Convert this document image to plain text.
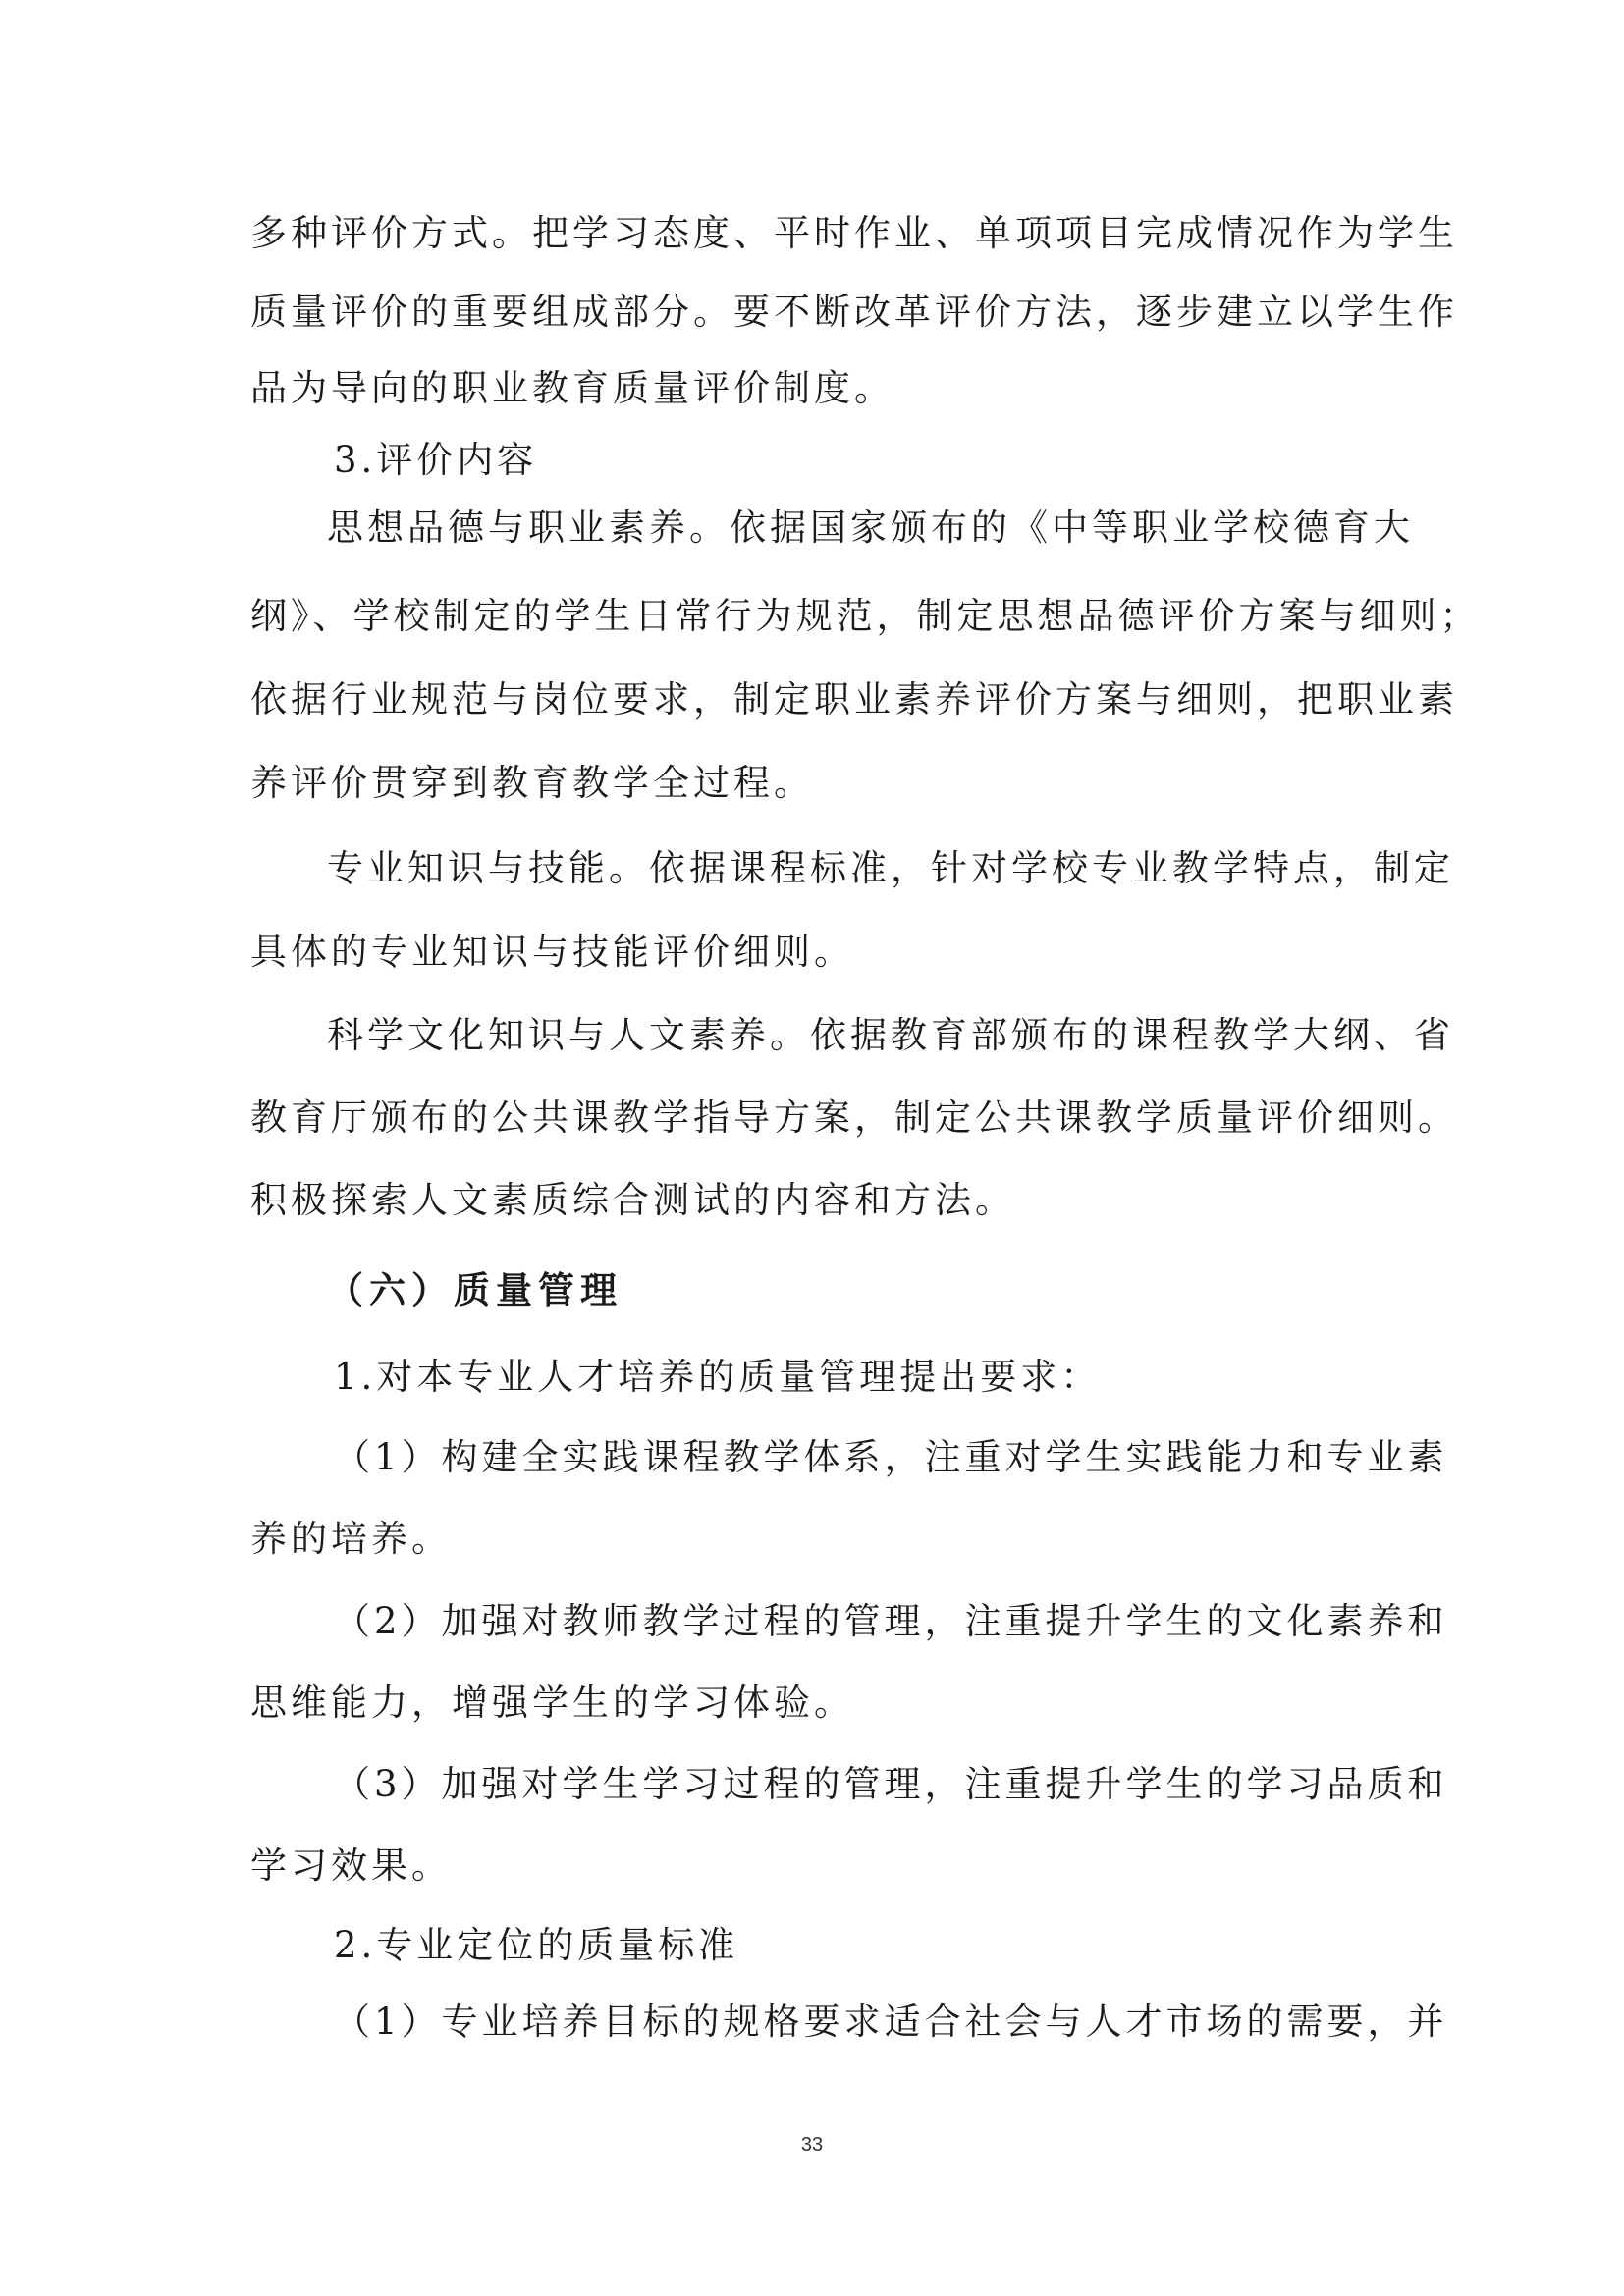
多种评价方式。把学习态度、平时作业、单项项目完成情况作为学生
质量评价的重要组成部分。要不断改革评价方法，逐步建立以学生作
品为导向的职业教育质量评价制度。
3.评价内容
思想品德与职业素养。依据国家颁布的《中等职业学校德育大
纲》、学校制定的学生日常行为规范，制定思想品德评价方案与细则；
依据行业规范与岗位要求，制定职业素养评价方案与细则，把职业素
养评价贯穿到教育教学全过程。
专业知识与技能。依据课程标准，针对学校专业教学特点，制定
具体的专业知识与技能评价细则。
科学文化知识与人文素养。依据教育部颁布的课程教学大纲、省
教育厅颁布的公共课教学指导方案，制定公共课教学质量评价细则。
积极探索人文素质综合测试的内容和方法。
（六）质量管理
1.对本专业人才培养的质量管理提出要求：
（1）构建全实践课程教学体系，注重对学生实践能力和专业素
养的培养。
（2）加强对教师教学过程的管理，注重提升学生的文化素养和
思维能力，增强学生的学习体验。
（3）加强对学生学习过程的管理，注重提升学生的学习品质和
学习效果。
2.专业定位的质量标准
（1）专业培养目标的规格要求适合社会与人才市场的需要，并
33
